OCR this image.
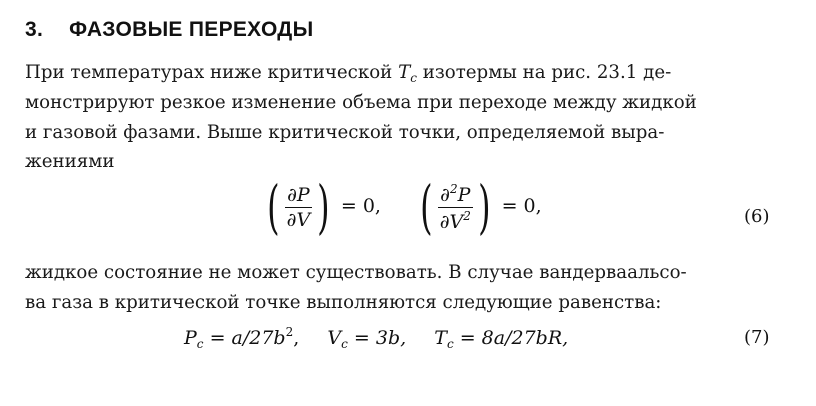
3. ФАЗОВЫЕ ПЕРЕХОДЫ
При температурах ниже критической $T_c$ изотермы на рис. 23.1 де-
монстрируют резкое изменение объема при переходе между жидкой
и газовой фазами. Выше критической точки, определяемой выра-
жениями
( $\frac{\partial P}{\partial V}$ ) = 0, ( $\frac{\partial^2P}{\partial V^2}$ ) = 0,	(6)
жидкое состояние не может существовать. В случае вандерваальсо-
ва газа в критической точке выполняются следующие равенства:
$P_c = a/27b^2$, $V_c = 3b$, $T_c = 8a/27bR$,	(7)
